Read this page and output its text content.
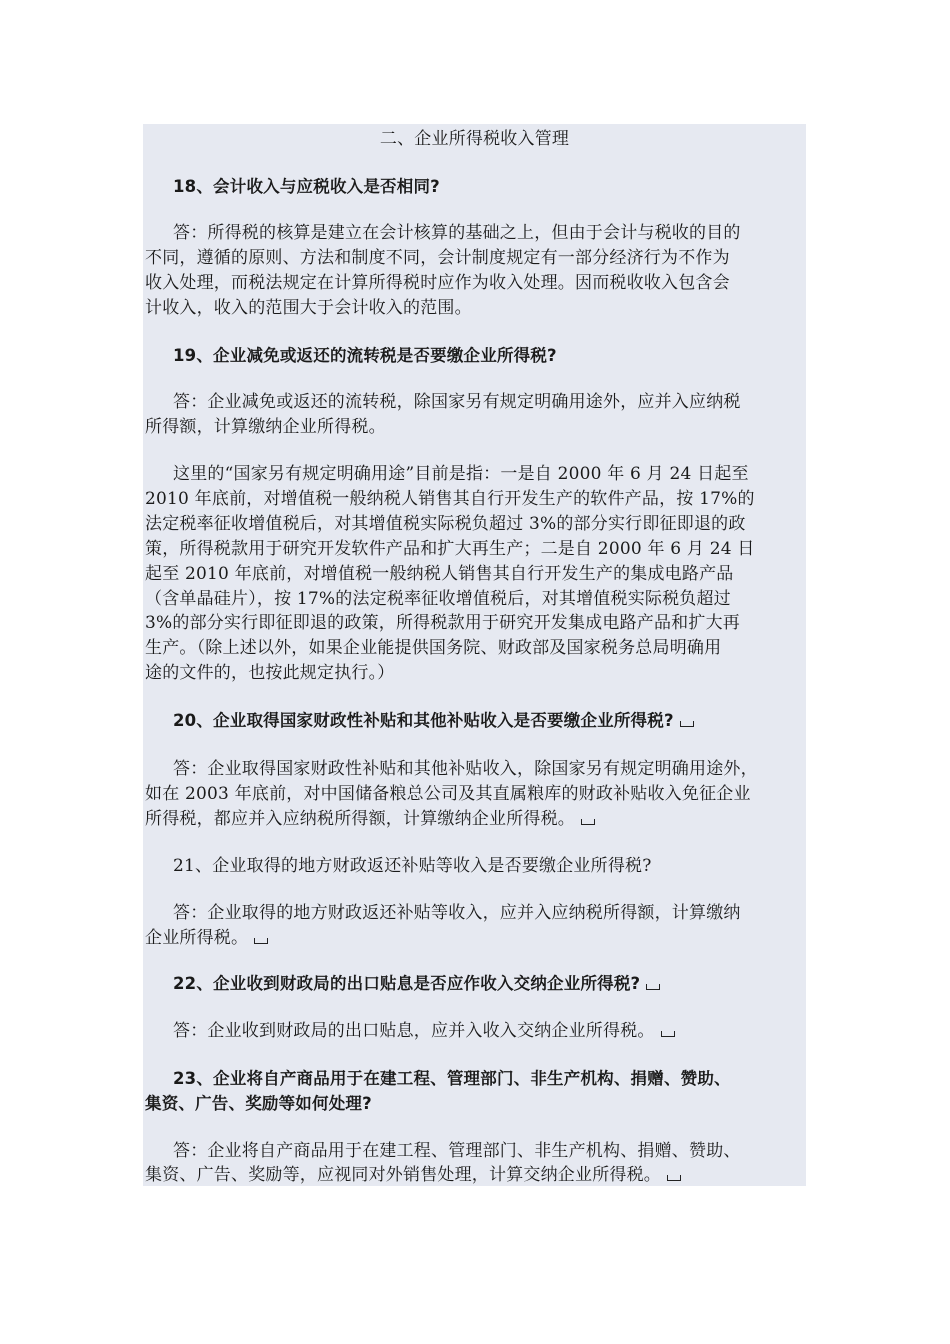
二、企业所得税收入管理
18、会计收入与应税收入是否相同?
答：所得税的核算是建立在会计核算的基础之上，但由于会计与税收的目的
不同，遵循的原则、方法和制度不同，会计制度规定有一部分经济行为不作为
收入处理，而税法规定在计算所得税时应作为收入处理。因而税收收入包含会
计收入，收入的范围大于会计收入的范围。
19、企业减免或返还的流转税是否要缴企业所得税?
答：企业减免或返还的流转税，除国家另有规定明确用途外，应并入应纳税
所得额，计算缴纳企业所得税。
这里的“国家另有规定明确用途”目前是指：一是自 2000 年 6 月 24 日起至
2010 年底前，对增值税一般纳税人销售其自行开发生产的软件产品，按 17%的
法定税率征收增值税后，对其增值税实际税负超过 3%的部分实行即征即退的政
策，所得税款用于研究开发软件产品和扩大再生产；二是自 2000 年 6 月 24 日
起至 2010 年底前，对增值税一般纳税人销售其自行开发生产的集成电路产品
（含单晶硅片），按 17%的法定税率征收增值税后，对其增值税实际税负超过
3%的部分实行即征即退的政策，所得税款用于研究开发集成电路产品和扩大再
生产。（除上述以外，如果企业能提供国务院、财政部及国家税务总局明确用
途的文件的，也按此规定执行。）
20、企业取得国家财政性补贴和其他补贴收入是否要缴企业所得税?
答：企业取得国家财政性补贴和其他补贴收入，除国家另有规定明确用途外，
如在 2003 年底前，对中国储备粮总公司及其直属粮库的财政补贴收入免征企业
所得税，都应并入应纳税所得额，计算缴纳企业所得税。
21、企业取得的地方财政返还补贴等收入是否要缴企业所得税?
答：企业取得的地方财政返还补贴等收入，应并入应纳税所得额，计算缴纳
企业所得税。
22、企业收到财政局的出口贴息是否应作收入交纳企业所得税?
答：企业收到财政局的出口贴息，应并入收入交纳企业所得税。
23、企业将自产商品用于在建工程、管理部门、非生产机构、捐赠、赞助、
集资、广告、奖励等如何处理?
答：企业将自产商品用于在建工程、管理部门、非生产机构、捐赠、赞助、
集资、广告、奖励等，应视同对外销售处理，计算交纳企业所得税。
